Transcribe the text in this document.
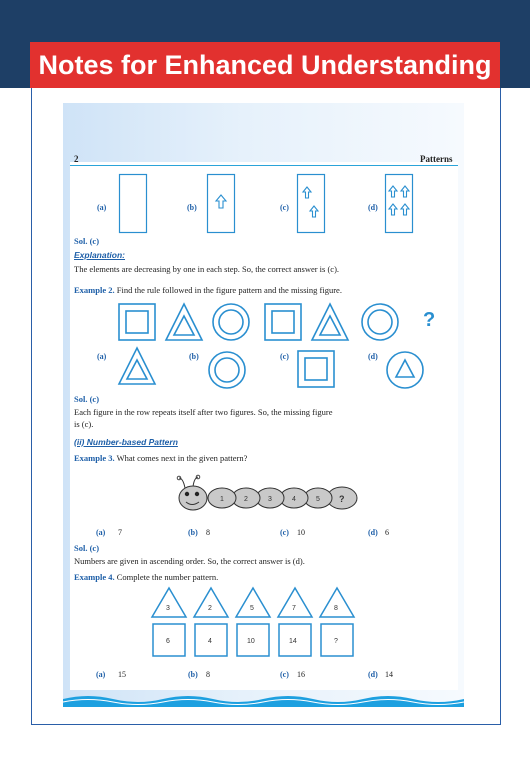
Notes for Enhanced Understanding
2	Patterns
(a)	(b)	(c)	(d)
Sol. (c)
Explanation:
The elements are decreasing by one in each step. So, the correct answer is (c).
Example 2. Find the rule followed in the figure pattern and the missing figure.
?
(a)	(b)	(c)	(d)
Sol. (c)
Each figure in the row repeats itself after two figures. So, the missing figure
is (c).
(ii) Number-based Pattern
Example 3. What comes next in the given pattern?
1	2	3	4	5 ?
(a) 7	(b) 8	(c) 10	(d) 6
Sol. (c)
Numbers are given in ascending order. So, the correct answer is (d).
Example 4. Complete the number pattern.
3	2	5	7	8
6	4	10	14	?
(a) 15	(b) 8	(c) 16	(d) 14
